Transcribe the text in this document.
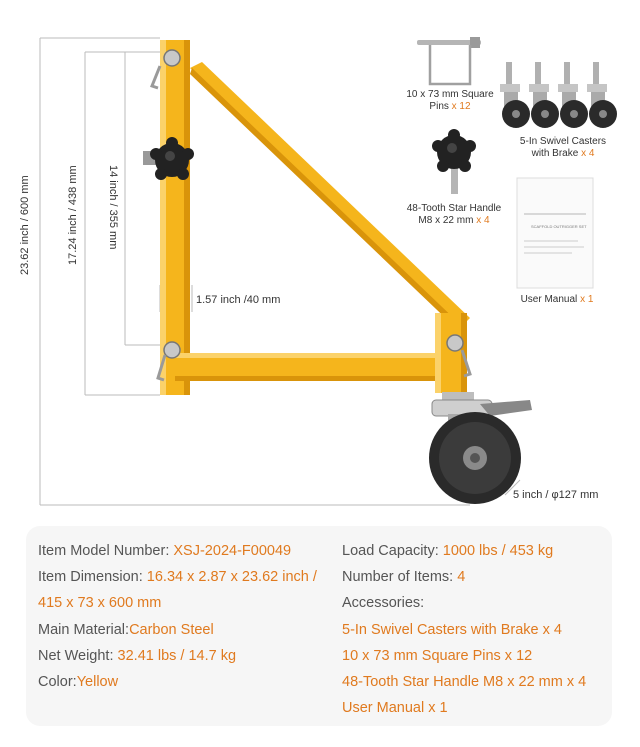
23.62 inch / 600 mm	17.24 inch / 438 mm	14 inch / 355 mm
1.57 inch /40 mm
5 inch / φ127 mm
SCAFFOLD OUTRIGGER SET
10 x 73 mm Square
Pins x 12
5-In Swivel Casters
with Brake x 4
48-Tooth Star Handle
M8 x 22 mm x 4
User Manual x 1
Item Model Number: XSJ-2024-F00049
Item Dimension: 16.34 x 2.87 x 23.62 inch /
415 x 73 x 600 mm
Main Material:Carbon Steel
Net Weight: 32.41 lbs / 14.7 kg
Color:Yellow
Load Capacity: 1000 lbs / 453 kg
Number of Items: 4
Accessories:
5-In Swivel Casters with Brake x 4
10 x 73 mm Square Pins x 12
48-Tooth Star Handle M8 x 22 mm x 4
User Manual x 1
